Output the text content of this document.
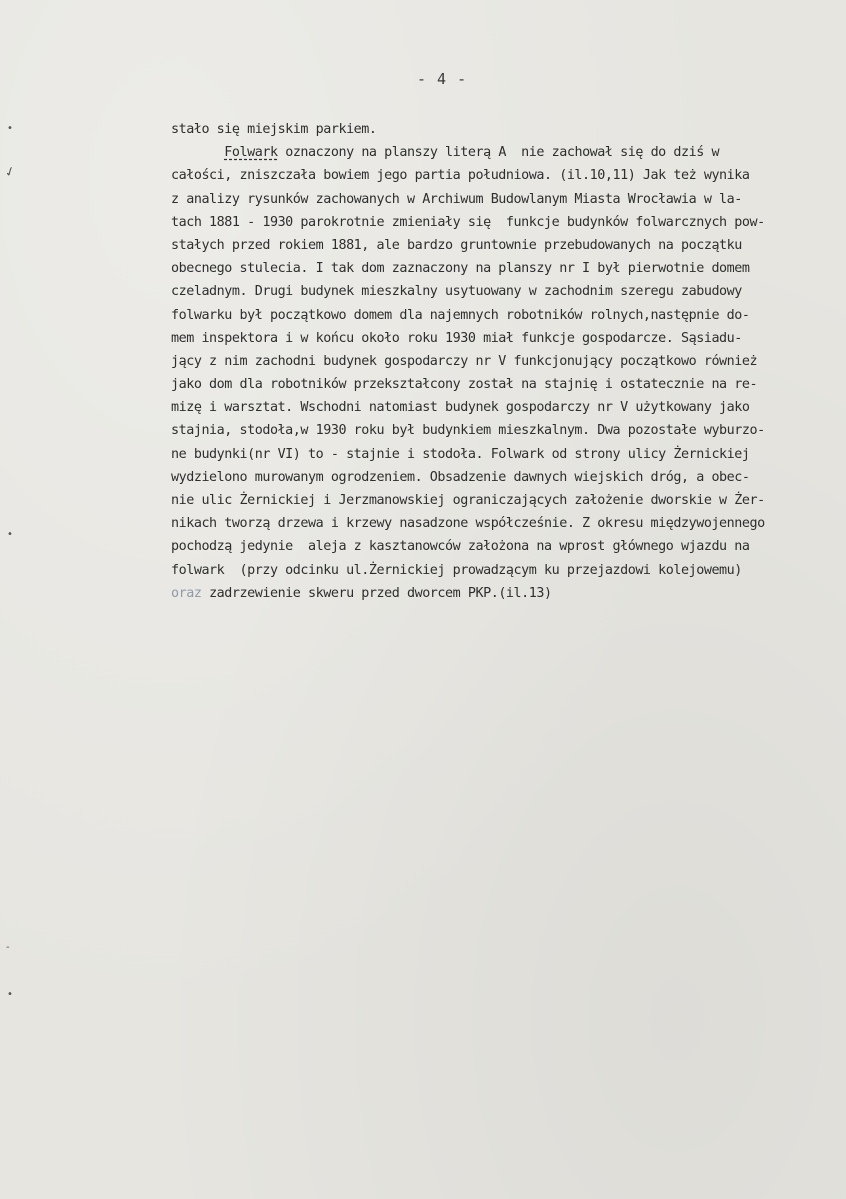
- 4 -
•
✓
•
-
•
stało się miejskim parkiem.
Folwark oznaczony na planszy literą A  nie zachował się do dziś w
całości, zniszczała bowiem jego partia południowa. (il.10,11) Jak też wynika
z analizy rysunków zachowanych w Archiwum Budowlanym Miasta Wrocławia w la-
tach 1881 - 1930 parokrotnie zmieniały się  funkcje budynków folwarcznych pow-
stałych przed rokiem 1881, ale bardzo gruntownie przebudowanych na początku
obecnego stulecia. I tak dom zaznaczony na planszy nr I był pierwotnie domem
czeladnym. Drugi budynek mieszkalny usytuowany w zachodnim szeregu zabudowy
folwarku był początkowo domem dla najemnych robotników rolnych,następnie do-
mem inspektora i w końcu około roku 1930 miał funkcje gospodarcze. Sąsiadu-
jący z nim zachodni budynek gospodarczy nr V funkcjonujący początkowo również
jako dom dla robotników przekształcony został na stajnię i ostatecznie na re-
mizę i warsztat. Wschodni natomiast budynek gospodarczy nr V użytkowany jako
stajnia, stodoła,w 1930 roku był budynkiem mieszkalnym. Dwa pozostałe wyburzo-
ne budynki(nr VI) to - stajnie i stodoła. Folwark od strony ulicy Żernickiej
wydzielono murowanym ogrodzeniem. Obsadzenie dawnych wiejskich dróg, a obec-
nie ulic Żernickiej i Jerzmanowskiej ograniczających założenie dworskie w Żer-
nikach tworzą drzewa i krzewy nasadzone współcześnie. Z okresu międzywojennego
pochodzą jedynie  aleja z kasztanowców założona na wprost głównego wjazdu na
folwark  (przy odcinku ul.Żernickiej prowadzącym ku przejazdowi kolejowemu)
oraz zadrzewienie skweru przed dworcem PKP.(il.13)
